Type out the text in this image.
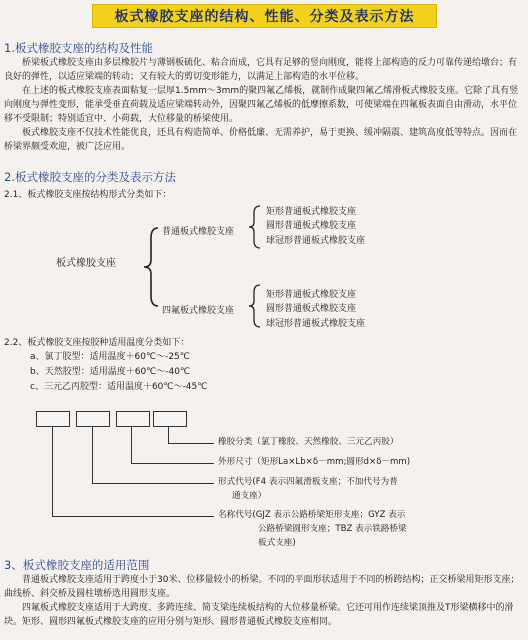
板式橡胶支座的结构、性能、分类及表示方法
1.板式橡胶支座的结构及性能

桥梁板式橡胶支座由多层橡胶片与薄钢板硫化、粘合而成，它具有足够的竖向刚度，能将上部构造的反力可靠传递给墩台；有良好的弹性，以适应梁端的转动；又有较大的剪切变形能力，以满足上部构造的水平位移。

在上述的板式橡胶支座表面粘复一层厚1.5mm～3mm的聚四氟乙烯板，就制作成聚四氟乙烯滑板式橡胶支座。它除了具有竖向刚度与弹性变形，能承受垂直荷载及适应梁端转动外，因聚四氟乙烯板的低摩擦系数，可使梁端在四氟板表面自由滑动，水平位移不受限制；特别适宜中、小荷载，大位移量的桥梁使用。

板式橡胶支座不仅技术性能优良，还具有构造简单、价格低廉、无需养护，易于更换、缓冲隔震、建筑高度低等特点。因而在桥梁界颇受欢迎，被广泛应用。

2.板式橡胶支座的分类及表示方法
2.1、板式橡胶支座按结构形式分类如下：
板式橡胶支座
普通板式橡胶支座
四氟板式橡胶支座
矩形普通板式橡胶支座
圆形普通板式橡胶支座
球冠形普通板式橡胶支座
矩形普通板式橡胶支座
圆形普通板式橡胶支座
球冠形普通板式橡胶支座
2.2、板式橡胶支座按胶种适用温度分类如下：
a、氯丁胶型：适用温度＋60℃～-25℃
b、天然胶型：适用温度＋60℃～-40℃
c、三元乙丙胶型：适用温度＋60℃～-45℃
橡胶分类（氯丁橡胶、天然橡胶、三元乙丙胶）
外形尺寸（矩形La×Lb×δ－mm;圆形d×δ－mm)
形式代号(F4 表示四氟滑板支座；不加代号为普
通支座）
名称代号(GJZ 表示公路桥梁矩形支座；GYZ 表示
公路桥梁圆形支座；TBZ 表示铁路桥梁
板式支座)
3、板式橡胶支座的适用范围

普通板式橡胶支座适用于跨度小于30米、位移量较小的桥梁。不同的平面形状适用于不同的桥跨结构；正交桥梁用矩形支座；曲线桥、斜交桥及圆柱墩桥选用圆形支座。

四氟板式橡胶支座适用于大跨度、多跨连续、简支梁连续板结构的大位移量桥梁。它还可用作连续梁顶推及T形梁横移中的滑块。矩形、圆形四氟板式橡胶支座的应用分别与矩形、圆形普通板式橡胶支座相同。
